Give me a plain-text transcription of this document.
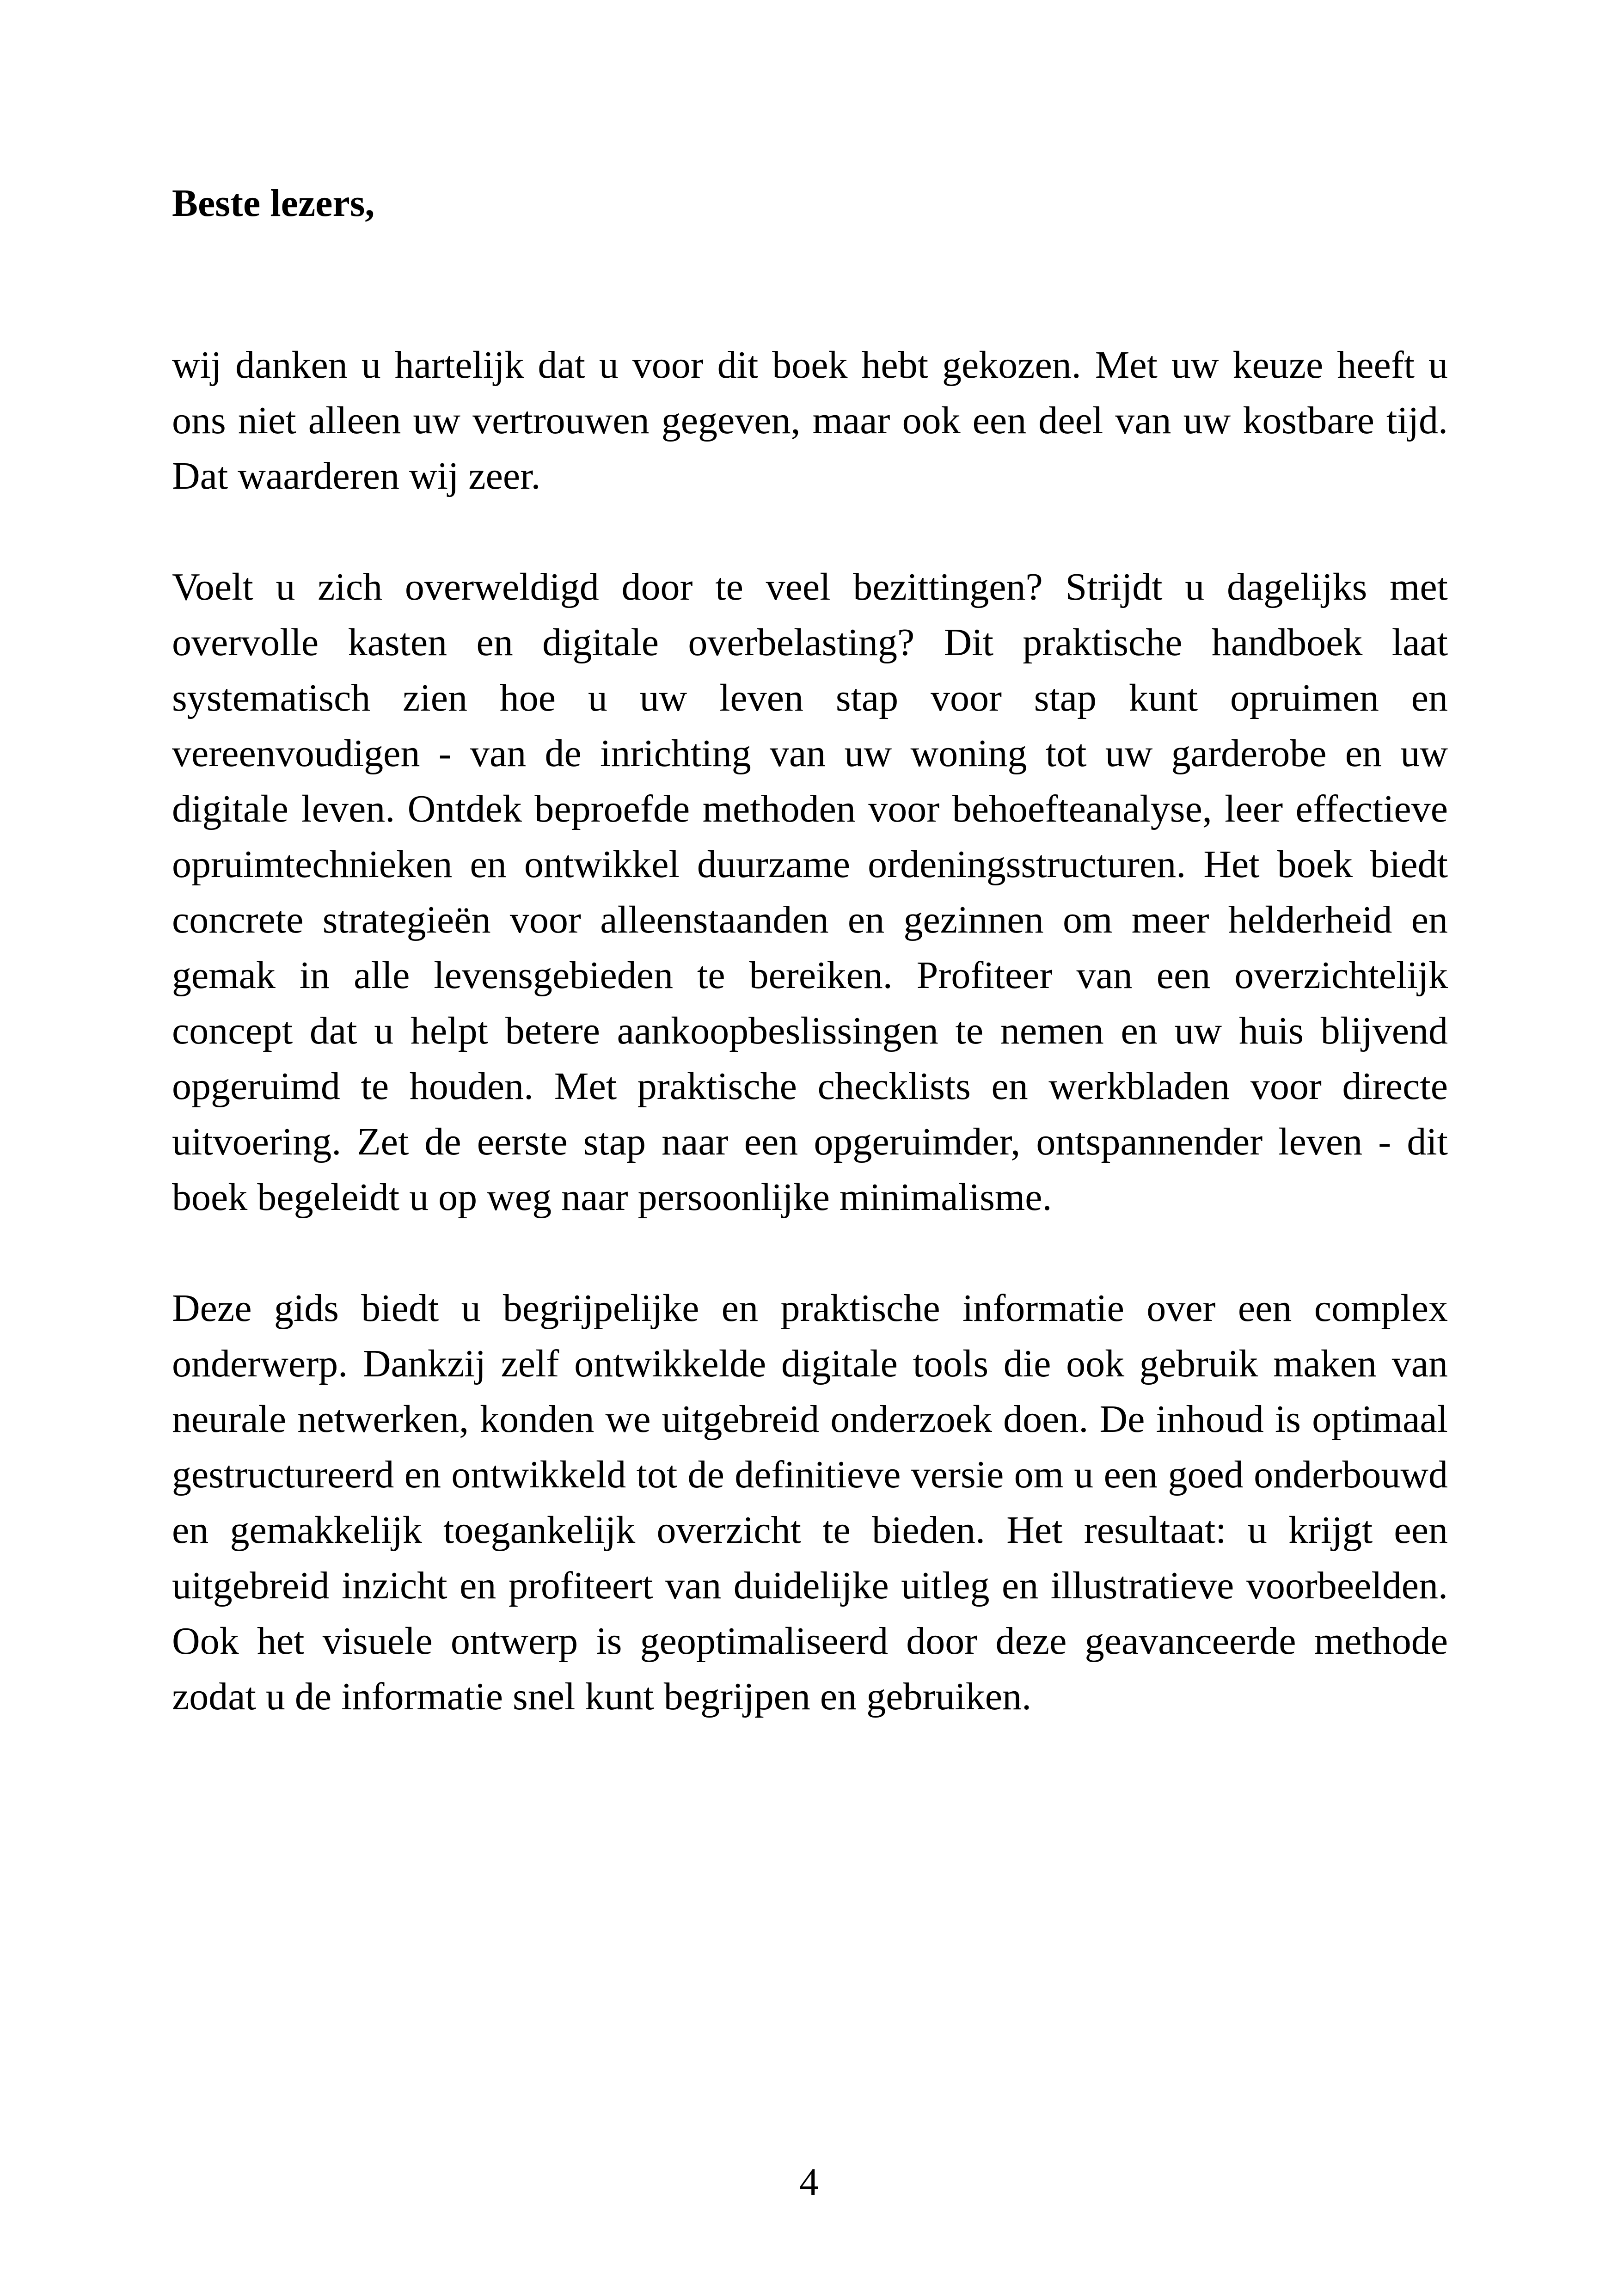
Beste lezers,

wij danken u hartelijk dat u voor dit boek hebt gekozen. Met uw keuze heeft u ons niet alleen uw vertrouwen gegeven, maar ook een deel van uw kostbare tijd. Dat waarderen wij zeer.

Voelt u zich overweldigd door te veel bezittingen? Strijdt u dagelijks met overvolle kasten en digitale overbelasting? Dit praktische handboek laat systematisch zien hoe u uw leven stap voor stap kunt opruimen en vereenvoudigen - van de inrichting van uw woning tot uw garderobe en uw digitale leven. Ontdek beproefde methoden voor behoefteanalyse, leer effectieve opruimtechnieken en ontwikkel duurzame ordeningsstructuren. Het boek biedt concrete strategieën voor alleenstaanden en gezinnen om meer helderheid en gemak in alle levensgebieden te bereiken. Profiteer van een overzichtelijk concept dat u helpt betere aankoopbeslissingen te nemen en uw huis blijvend opgeruimd te houden. Met praktische checklists en werkbladen voor directe uitvoering. Zet de eerste stap naar een opgeruimder, ontspannender leven - dit boek begeleidt u op weg naar persoonlijke minimalisme.

Deze gids biedt u begrijpelijke en praktische informatie over een complex onderwerp. Dankzij zelf ontwikkelde digitale tools die ook gebruik maken van neurale netwerken, konden we uitgebreid onderzoek doen. De inhoud is optimaal gestructureerd en ontwikkeld tot de definitieve versie om u een goed onderbouwd en gemakkelijk toegankelijk overzicht te bieden. Het resultaat: u krijgt een uitgebreid inzicht en profiteert van duidelijke uitleg en illustratieve voorbeelden. Ook het visuele ontwerp is geoptimaliseerd door deze geavanceerde methode zodat u de informatie snel kunt begrijpen en gebruiken.

4
